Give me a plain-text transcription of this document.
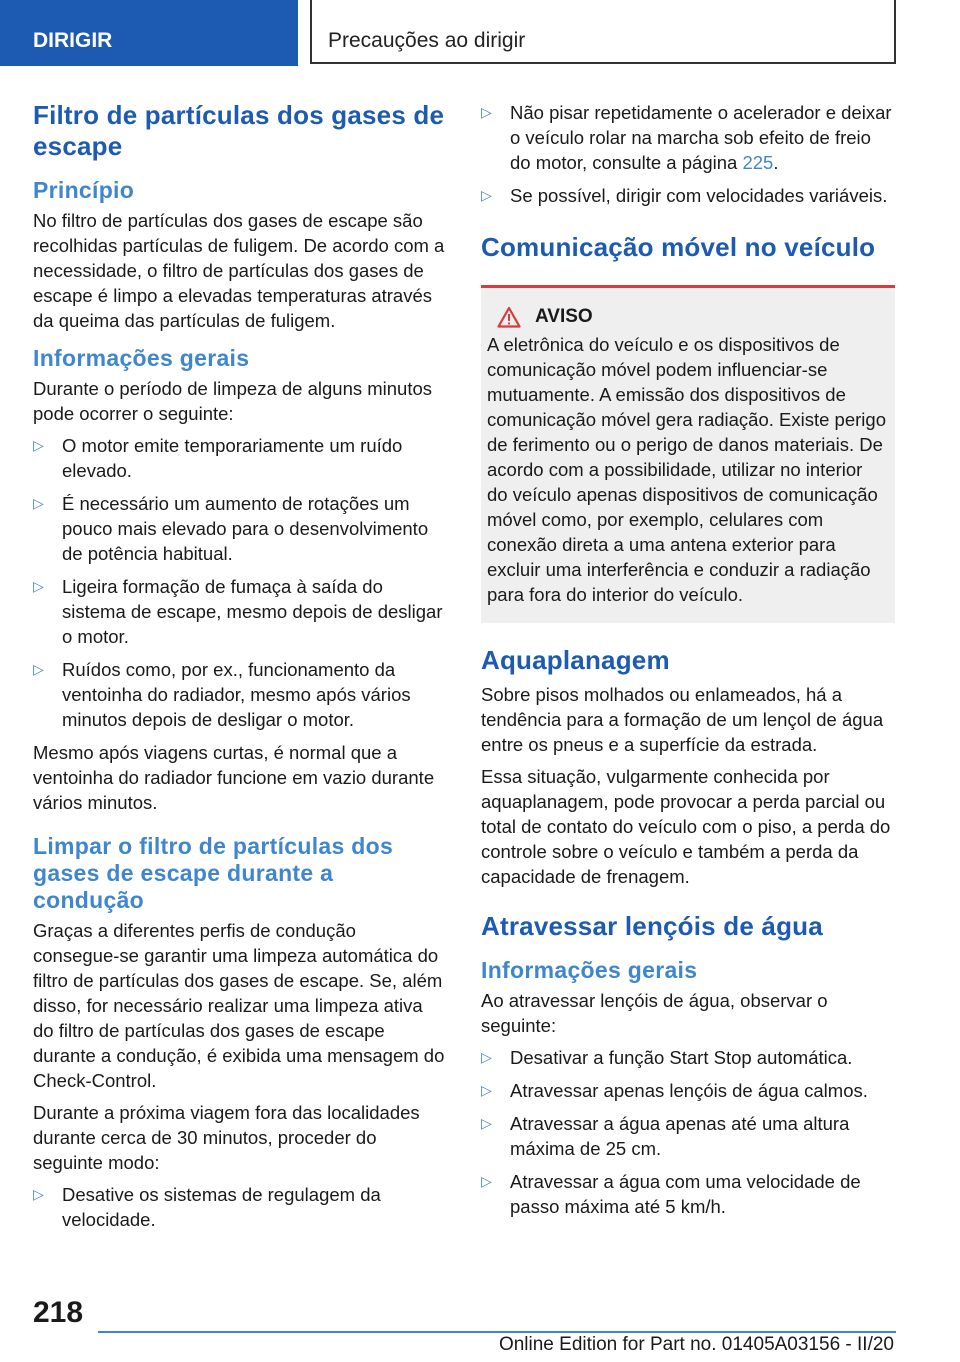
DIRIGIR	Precauções ao dirigir
Filtro de partículas dos gases de escape
Princípio

No filtro de partículas dos gases de escape são recolhidas partículas de fuligem. De acordo com a necessidade, o filtro de partículas dos gases de escape é limpo a elevadas temperaturas através da queima das partículas de fuligem.

Informações gerais

Durante o período de limpeza de alguns minutos pode ocorrer o seguinte:

▷ O motor emite temporariamente um ruído elevado.
▷ É necessário um aumento de rotações um pouco mais elevado para o desenvolvimento de potência habitual.
▷ Ligeira formação de fumaça à saída do sistema de escape, mesmo depois de desligar o motor.
▷ Ruídos como, por ex., funcionamento da ventoinha do radiador, mesmo após vários minutos depois de desligar o motor.

Mesmo após viagens curtas, é normal que a ventoinha do radiador funcione em vazio durante vários minutos.

Limpar o filtro de partículas dos gases de escape durante a condução

Graças a diferentes perfis de condução consegue-se garantir uma limpeza automática do filtro de partículas dos gases de escape. Se, além disso, for necessário realizar uma limpeza ativa do filtro de partículas dos gases de escape durante a condução, é exibida uma mensagem do Check-Control.

Durante a próxima viagem fora das localidades durante cerca de 30 minutos, proceder do seguinte modo:

▷ Desative os sistemas de regulagem da velocidade.
▷ Não pisar repetidamente o acelerador e deixar o veículo rolar na marcha sob efeito de freio do motor, consulte a página 225.
▷ Se possível, dirigir com velocidades variáveis.
Comunicação móvel no veículo
AVISO

A eletrônica do veículo e os dispositivos de comunicação móvel podem influenciar-se mutuamente. A emissão dos dispositivos de comunicação móvel gera radiação. Existe perigo de ferimento ou o perigo de danos materiais. De acordo com a possibilidade, utilizar no interior do veículo apenas dispositivos de comunicação móvel como, por exemplo, celulares com conexão direta a uma antena exterior para excluir uma interferência e conduzir a radiação para fora do interior do veículo.

Aquaplanagem

Sobre pisos molhados ou enlameados, há a tendência para a formação de um lençol de água entre os pneus e a superfície da estrada.

Essa situação, vulgarmente conhecida por aquaplanagem, pode provocar a perda parcial ou total de contato do veículo com o piso, a perda do controle sobre o veículo e também a perda da capacidade de frenagem.

Atravessar lençóis de água
Informações gerais

Ao atravessar lençóis de água, observar o seguinte:

▷ Desativar a função Start Stop automática.
▷ Atravessar apenas lençóis de água calmos.
▷ Atravessar a água apenas até uma altura máxima de 25 cm.
▷ Atravessar a água com uma velocidade de passo máxima até 5 km/h.
218
Online Edition for Part no. 01405A03156 - II/20
